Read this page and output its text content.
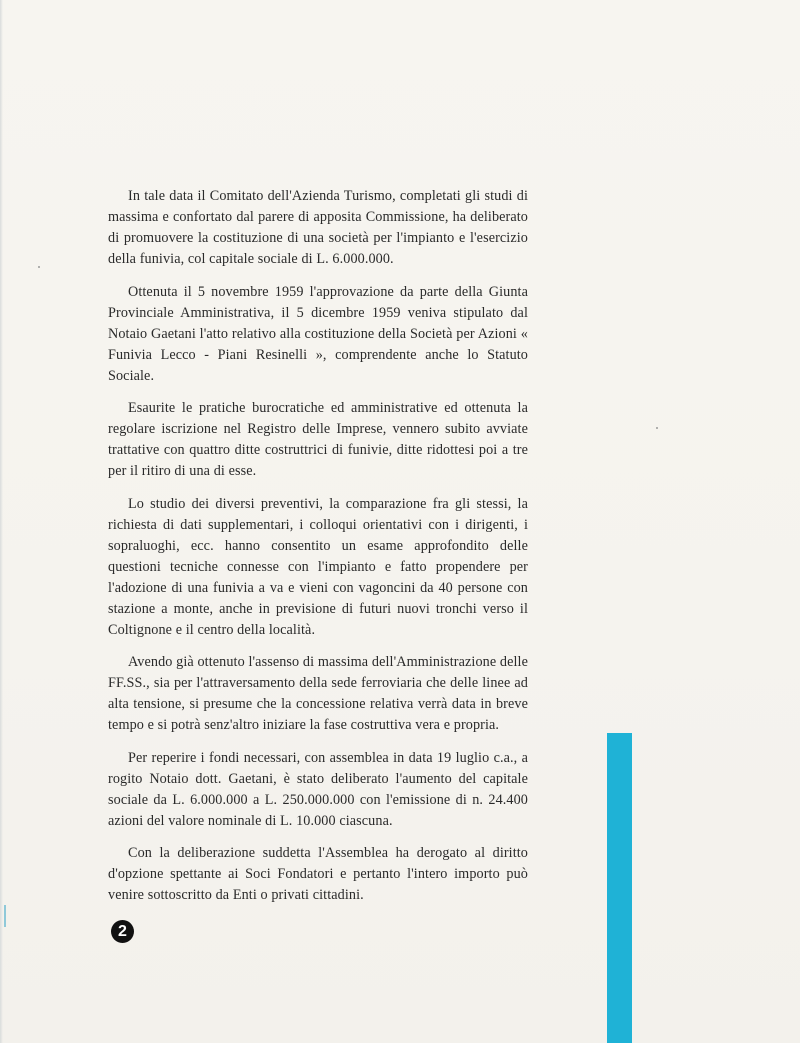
In tale data il Comitato dell'Azienda Turismo, completati gli studi di massima e confortato dal parere di apposita Commissione, ha deliberato di promuovere la costituzione di una società per l'impianto e l'esercizio della funivia, col capitale sociale di L. 6.000.000.

Ottenuta il 5 novembre 1959 l'approvazione da parte della Giunta Provinciale Amministrativa, il 5 dicembre 1959 veniva stipulato dal Notaio Gaetani l'atto relativo alla costituzione della Società per Azioni « Funivia Lecco - Piani Resinelli », comprendente anche lo Statuto Sociale.

Esaurite le pratiche burocratiche ed amministrative ed ottenuta la regolare iscrizione nel Registro delle Imprese, vennero subito avviate trattative con quattro ditte costruttrici di funivie, ditte ridottesi poi a tre per il ritiro di una di esse.

Lo studio dei diversi preventivi, la comparazione fra gli stessi, la richiesta di dati supplementari, i colloqui orientativi con i dirigenti, i sopraluoghi, ecc. hanno consentito un esame approfondito delle questioni tecniche connesse con l'impianto e fatto propendere per l'adozione di una funivia a va e vieni con vagoncini da 40 persone con stazione a monte, anche in previsione di futuri nuovi tronchi verso il Coltignone e il centro della località.

Avendo già ottenuto l'assenso di massima dell'Amministrazione delle FF.SS., sia per l'attraversamento della sede ferroviaria che delle linee ad alta tensione, si presume che la concessione relativa verrà data in breve tempo e si potrà senz'altro iniziare la fase costruttiva vera e propria.

Per reperire i fondi necessari, con assemblea in data 19 luglio c.a., a rogito Notaio dott. Gaetani, è stato deliberato l'aumento del capitale sociale da L. 6.000.000 a L. 250.000.000 con l'emissione di n. 24.400 azioni del valore nominale di L. 10.000 ciascuna.

Con la deliberazione suddetta l'Assemblea ha derogato al diritto d'opzione spettante ai Soci Fondatori e pertanto l'intero importo può venire sottoscritto da Enti o privati cittadini.

2
